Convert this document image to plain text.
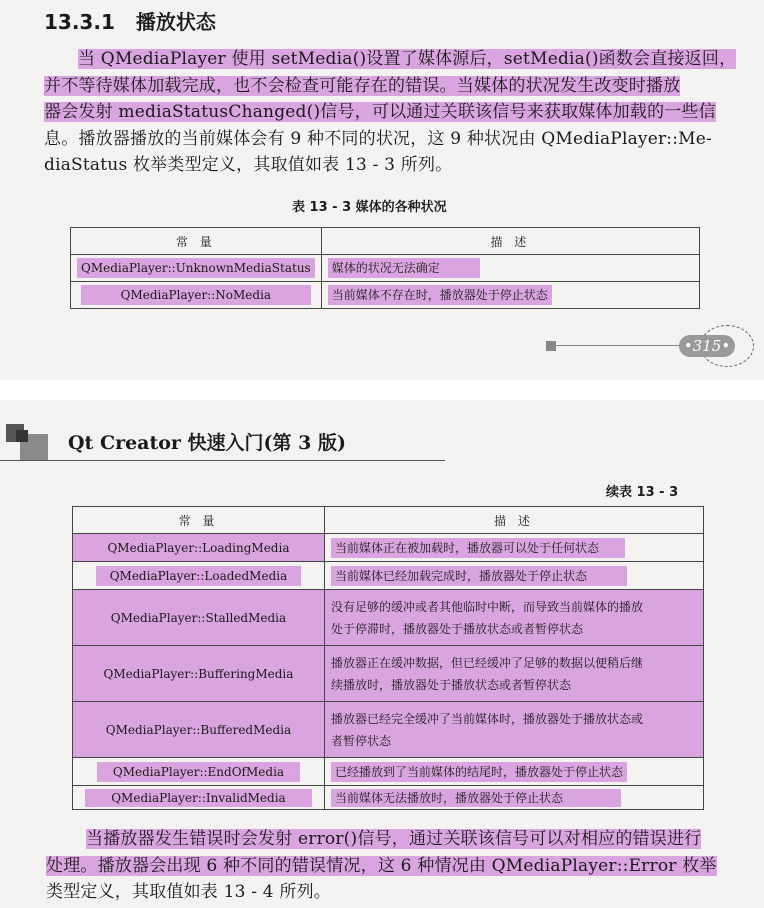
13.3.1 播放状态
当 QMediaPlayer 使用 setMedia()设置了媒体源后，setMedia()函数会直接返回，
并不等待媒体加载完成，也不会检查可能存在的错误。当媒体的状况发生改变时播放
器会发射 mediaStatusChanged()信号，可以通过关联该信号来获取媒体加载的一些信
息。播放器播放的当前媒体会有 9 种不同的状况，这 9 种状况由 QMediaPlayer::Me-
diaStatus 枚举类型定义，其取值如表 13 - 3 所列。
表 13 - 3 媒体的各种状况
常 量	描 述
QMediaPlayer::UnknownMediaStatus	媒体的状况无法确定
QMediaPlayer::NoMedia	当前媒体不存在时，播放器处于停止状态
•315•
Qt Creator 快速入门(第 3 版)
续表 13 - 3
常 量	描 述
QMediaPlayer::LoadingMedia	当前媒体正在被加载时，播放器可以处于任何状态
QMediaPlayer::LoadedMedia	当前媒体已经加载完成时，播放器处于停止状态
QMediaPlayer::StalledMedia	没有足够的缓冲或者其他临时中断，而导致当前媒体的播放
处于停滞时，播放器处于播放状态或者暂停状态

QMediaPlayer::BufferingMedia	播放器正在缓冲数据，但已经缓冲了足够的数据以便稍后继
续播放时，播放器处于播放状态或者暂停状态

QMediaPlayer::BufferedMedia	播放器已经完全缓冲了当前媒体时，播放器处于播放状态或
者暂停状态

QMediaPlayer::EndOfMedia	已经播放到了当前媒体的结尾时，播放器处于停止状态
QMediaPlayer::InvalidMedia	当前媒体无法播放时，播放器处于停止状态
当播放器发生错误时会发射 error()信号，通过关联该信号可以对相应的错误进行
处理。播放器会出现 6 种不同的错误情况，这 6 种情况由 QMediaPlayer::Error 枚举
类型定义，其取值如表 13 - 4 所列。
